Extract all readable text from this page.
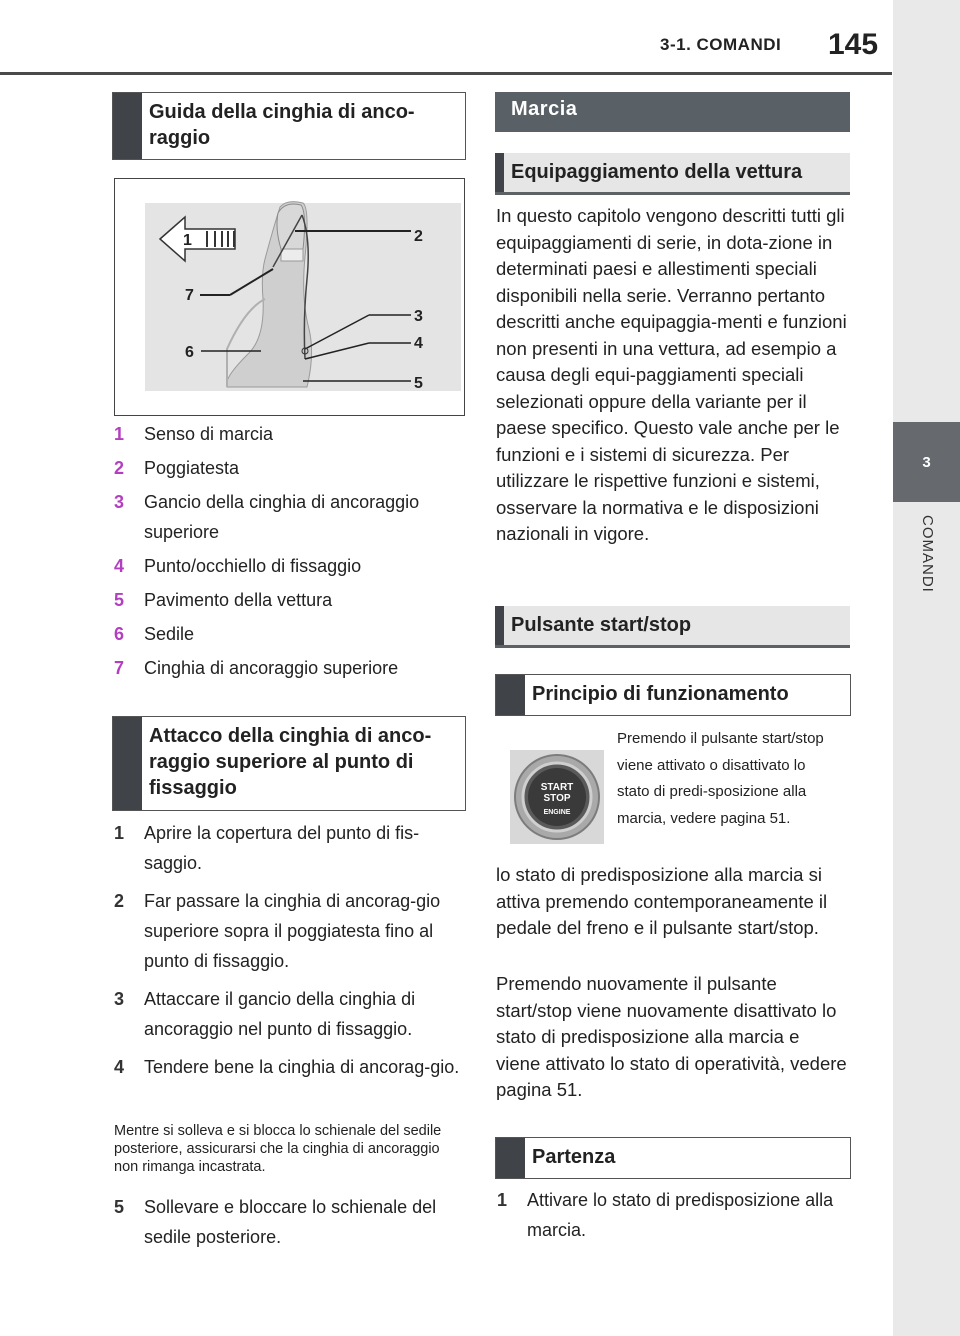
3-1. COMANDI 145
3
COMANDI
Guida della cinghia di anco-raggio
1	2
3
4
5
6
7
1 Senso di marcia
2 Poggiatesta
3 Gancio della cinghia di ancoraggio superiore
4 Punto/occhiello di fissaggio
5 Pavimento della vettura
6 Sedile
7 Cinghia di ancoraggio superiore
Attacco della cinghia di anco-raggio superiore al punto di fissaggio
1 Aprire la copertura del punto di fis-saggio.
2 Far passare la cinghia di ancorag-gio superiore sopra il poggiatesta fino al punto di fissaggio.
3 Attaccare il gancio della cinghia di ancoraggio nel punto di fissaggio.
4 Tendere bene la cinghia di ancorag-gio.
Mentre si solleva e si blocca lo schienale del sedile posteriore, assicurarsi che la cinghia di ancoraggio non rimanga incastrata.
5 Sollevare e bloccare lo schienale del sedile posteriore.
Marcia
Equipaggiamento della vettura
In questo capitolo vengono descritti tutti gli equipaggiamenti di serie, in dota-zione in determinati paesi e allestimenti speciali disponibili nella serie. Verranno pertanto descritti anche equipaggia-menti e funzioni non presenti in una vettura, ad esempio a causa degli equi-paggiamenti speciali selezionati oppure della variante per il paese specifico. Questo vale anche per le funzioni e i sistemi di sicurezza. Per utilizzare le rispettive funzioni e sistemi, osservare la normativa e le disposizioni nazionali in vigore.
Pulsante start/stop
Principio di funzionamento
START
STOP
ENGINE
Premendo il pulsante start/stop viene attivato o disattivato lo stato di predi-sposizione alla marcia, vedere pagina 51.
lo stato di predisposizione alla marcia si attiva premendo contemporaneamente il pedale del freno e il pulsante start/stop.
Premendo nuovamente il pulsante start/stop viene nuovamente disattivato lo stato di predisposizione alla marcia e viene attivato lo stato di operatività, vedere pagina 51.
Partenza
1 Attivare lo stato di predisposizione alla marcia.
